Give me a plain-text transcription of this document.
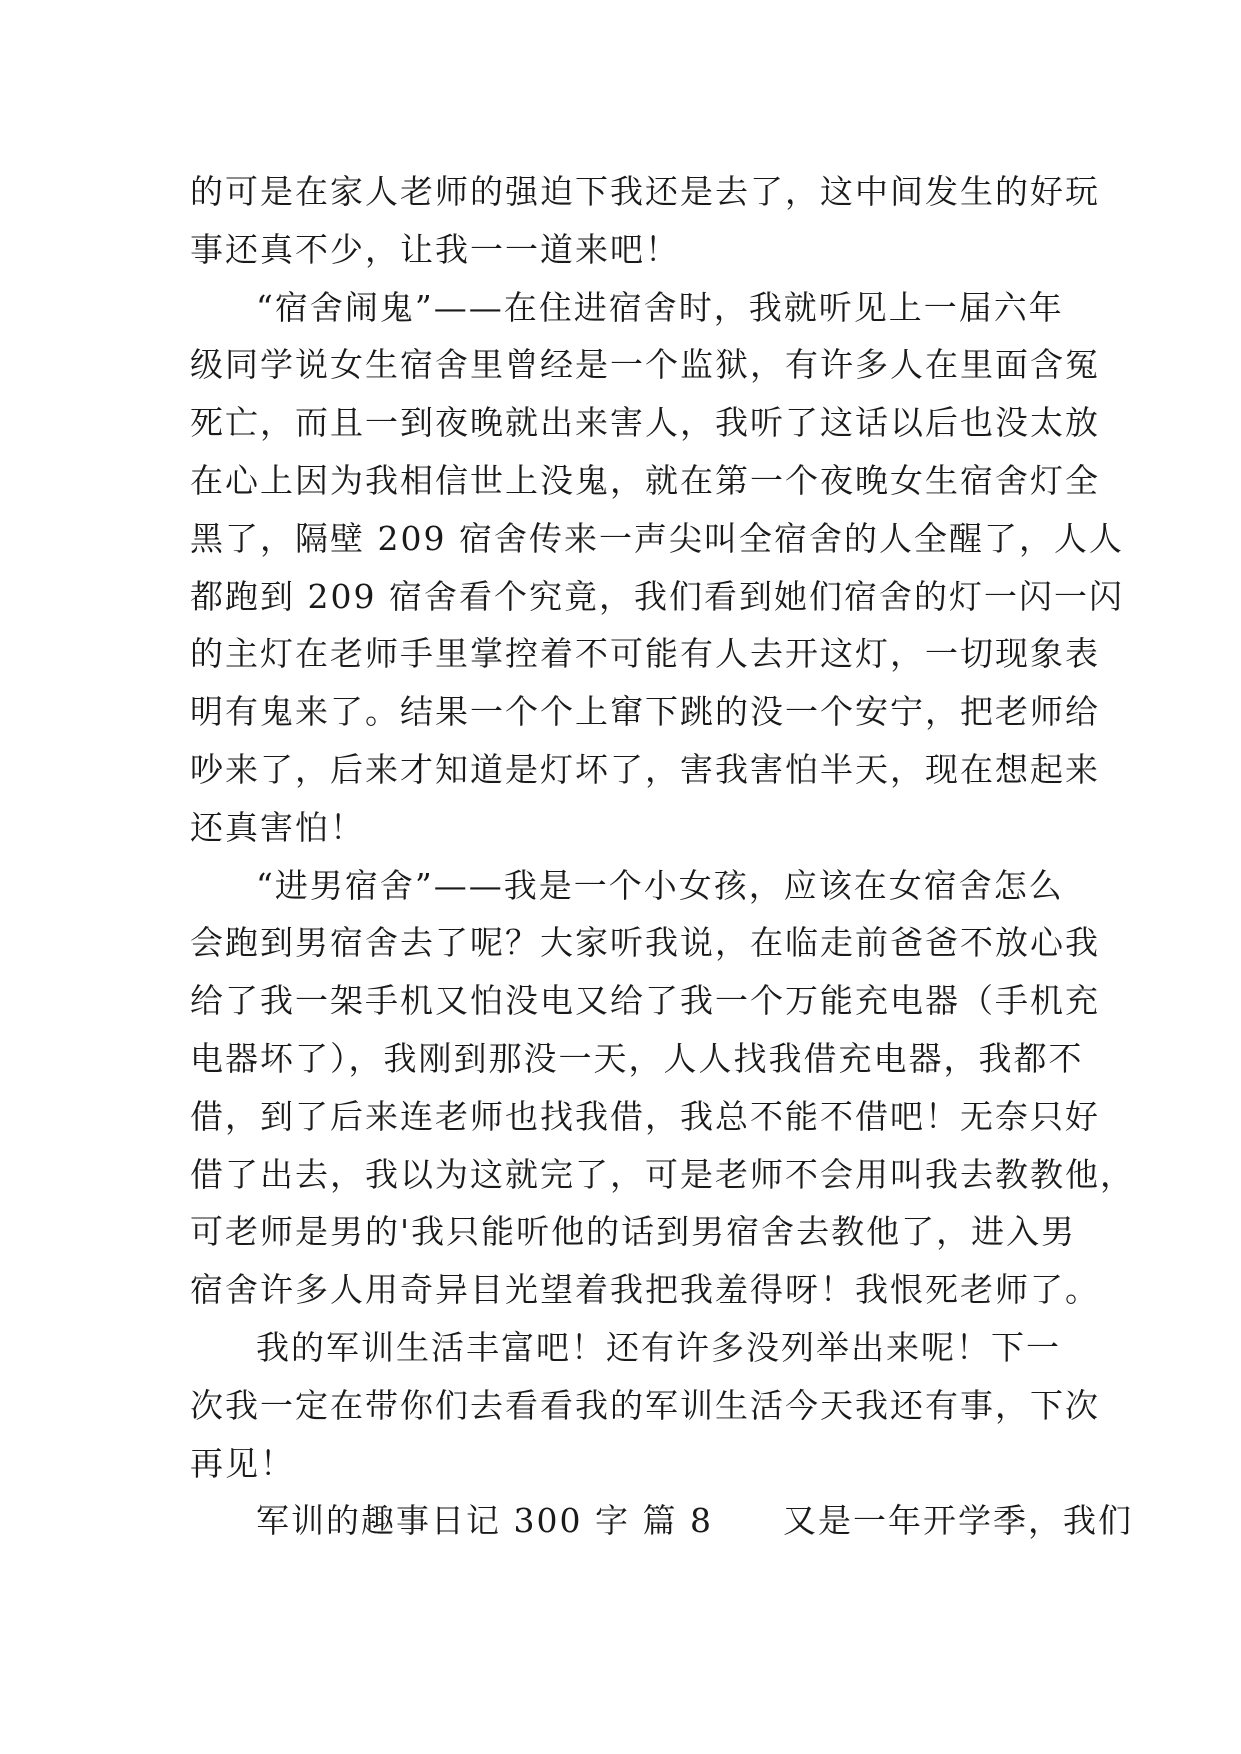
的可是在家人老师的强迫下我还是去了，这中间发生的好玩
事还真不少，让我一一道来吧！
“宿舍闹鬼”——在住进宿舍时，我就听见上一届六年
级同学说女生宿舍里曾经是一个监狱，有许多人在里面含冤
死亡，而且一到夜晚就出来害人，我听了这话以后也没太放
在心上因为我相信世上没鬼，就在第一个夜晚女生宿舍灯全
黑了，隔壁 209 宿舍传来一声尖叫全宿舍的人全醒了，人人
都跑到 209 宿舍看个究竟，我们看到她们宿舍的灯一闪一闪
的主灯在老师手里掌控着不可能有人去开这灯，一切现象表
明有鬼来了。结果一个个上窜下跳的没一个安宁，把老师给
吵来了，后来才知道是灯坏了，害我害怕半天，现在想起来
还真害怕！
“进男宿舍”——我是一个小女孩，应该在女宿舍怎么
会跑到男宿舍去了呢？大家听我说，在临走前爸爸不放心我
给了我一架手机又怕没电又给了我一个万能充电器（手机充
电器坏了），我刚到那没一天，人人找我借充电器，我都不
借，到了后来连老师也找我借，我总不能不借吧！无奈只好
借了出去，我以为这就完了，可是老师不会用叫我去教教他，
可老师是男的'我只能听他的话到男宿舍去教他了，进入男
宿舍许多人用奇异目光望着我把我羞得呀！我恨死老师了。
我的军训生活丰富吧！还有许多没列举出来呢！下一
次我一定在带你们去看看我的军训生活今天我还有事，下次
再见！
军训的趣事日记 300 字 篇 8　　又是一年开学季，我们
